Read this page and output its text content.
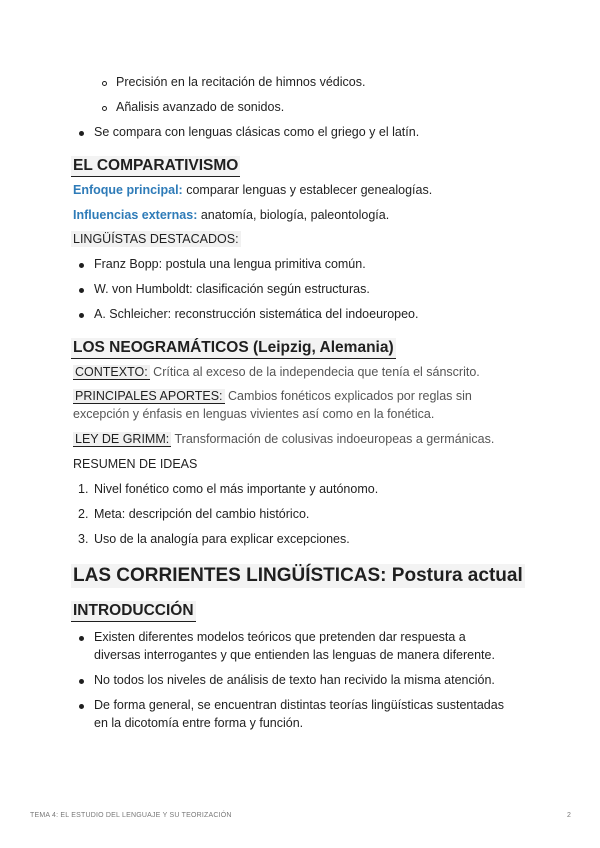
Precisión en la recitación de himnos védicos.
Añalisis avanzado de sonidos.
Se compara con lenguas clásicas como el griego y el latín.
EL COMPARATIVISMO
Enfoque principal: comparar lenguas y establecer genealogías.
Influencias externas: anatomía, biología, paleontología.
LINGÜÍSTAS DESTACADOS:
Franz Bopp: postula una lengua primitiva común.
W. von Humboldt: clasificación según estructuras.
A. Schleicher: reconstrucción sistemática del indoeuropeo.
LOS NEOGRAMÁTICOS (Leipzig, Alemania)
CONTEXTO: Crítica al exceso de la independecia que tenía el sánscrito.
PRINCIPALES APORTES: Cambios fonéticos explicados por reglas sin
excepción y énfasis en lenguas vivientes así como en la fonética.
LEY DE GRIMM: Transformación de colusivas indoeuropeas a germánicas.
RESUMEN DE IDEAS
1. Nivel fonético como el más importante y autónomo.
2. Meta: descripción del cambio histórico.
3. Uso de la analogía para explicar excepciones.
LAS CORRIENTES LINGÜÍSTICAS: Postura actual
INTRODUCCIÓN
Existen diferentes modelos teóricos que pretenden dar respuesta a
diversas interrogantes y que entienden las lenguas de manera diferente.
No todos los niveles de análisis de texto han recivido la misma atención.
De forma general, se encuentran distintas teorías lingüísticas sustentadas
en la dicotomía entre forma y función.
TEMA 4: EL ESTUDIO DEL LENGUAJE Y SU TEORIZACIÓN	2
